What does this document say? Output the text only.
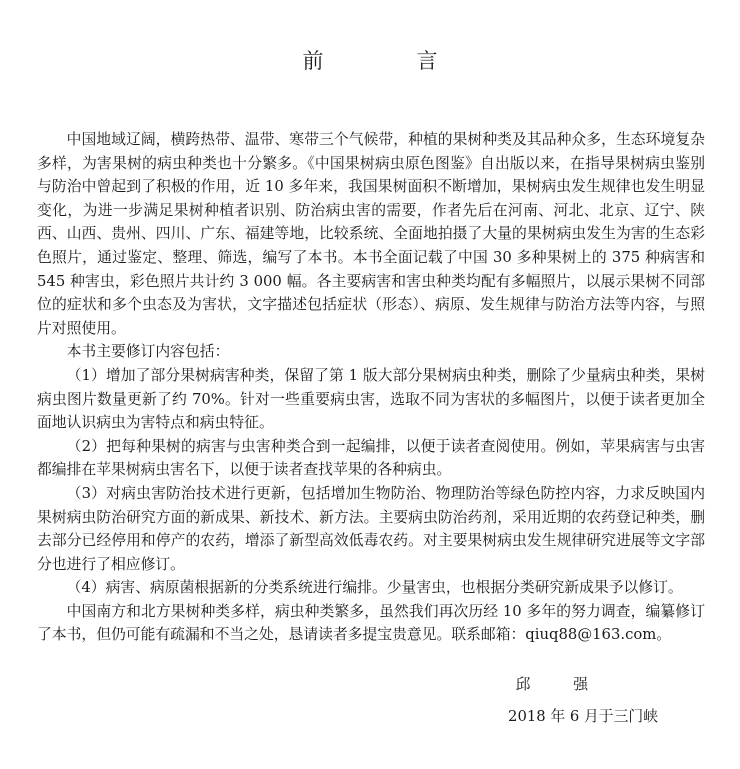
前　言

中国地域辽阔，横跨热带、温带、寒带三个气候带，种植的果树种类及其品种众多，生态环境复杂多样，为害果树的病虫种类也十分繁多。《中国果树病虫原色图鉴》自出版以来，在指导果树病虫鉴别与防治中曾起到了积极的作用，近 10 多年来，我国果树面积不断增加，果树病虫发生规律也发生明显变化，为进一步满足果树种植者识别、防治病虫害的需要，作者先后在河南、河北、北京、辽宁、陕西、山西、贵州、四川、广东、福建等地，比较系统、全面地拍摄了大量的果树病虫发生为害的生态彩色照片，通过鉴定、整理、筛选，编写了本书。本书全面记载了中国 30 多种果树上的 375 种病害和 545 种害虫，彩色照片共计约 3 000 幅。各主要病害和害虫种类均配有多幅照片，以展示果树不同部位的症状和多个虫态及为害状，文字描述包括症状（形态）、病原、发生规律与防治方法等内容，与照片对照使用。

本书主要修订内容包括：

（1）增加了部分果树病害种类，保留了第 1 版大部分果树病虫种类，删除了少量病虫种类，果树病虫图片数量更新了约 70%。针对一些重要病虫害，选取不同为害状的多幅图片，以便于读者更加全面地认识病虫为害特点和病虫特征。

（2）把每种果树的病害与虫害种类合到一起编排，以便于读者查阅使用。例如，苹果病害与虫害都编排在苹果树病虫害名下，以便于读者查找苹果的各种病虫。

（3）对病虫害防治技术进行更新，包括增加生物防治、物理防治等绿色防控内容，力求反映国内果树病虫防治研究方面的新成果、新技术、新方法。主要病虫防治药剂，采用近期的农药登记种类，删去部分已经停用和停产的农药，增添了新型高效低毒农药。对主要果树病虫发生规律研究进展等文字部分也进行了相应修订。

（4）病害、病原菌根据新的分类系统进行编排。少量害虫，也根据分类研究新成果予以修订。

中国南方和北方果树种类多样，病虫种类繁多，虽然我们再次历经 10 多年的努力调查，编纂修订了本书，但仍可能有疏漏和不当之处，恳请读者多提宝贵意见。联系邮箱：qiuq88@163.com。

邱　强
2018 年 6 月于三门峡
